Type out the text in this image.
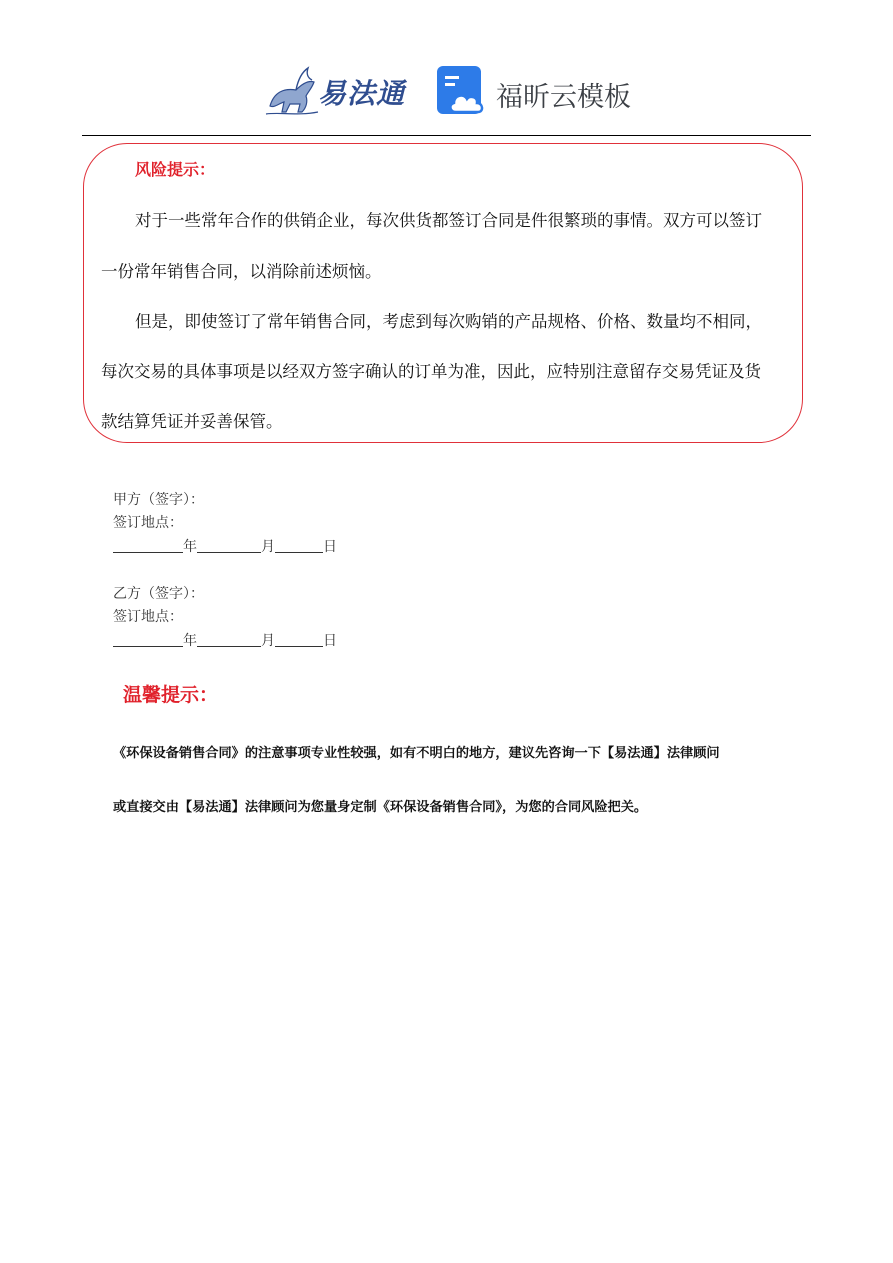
易法通	福昕云模板
风险提示：
对于一些常年合作的供销企业，每次供货都签订合同是件很繁琐的事情。双方可以签订
一份常年销售合同，以消除前述烦恼。
但是，即使签订了常年销售合同，考虑到每次购销的产品规格、价格、数量均不相同，
每次交易的具体事项是以经双方签字确认的订单为准，因此，应特别注意留存交易凭证及货
款结算凭证并妥善保管。
甲方（签字）：
签订地点：
年	月	日
乙方（签字）：
签订地点：
年	月	日
温馨提示：
《环保设备销售合同》的注意事项专业性较强，如有不明白的地方，建议先咨询一下【易法通】法律顾问
或直接交由【易法通】法律顾问为您量身定制《环保设备销售合同》，为您的合同风险把关。
